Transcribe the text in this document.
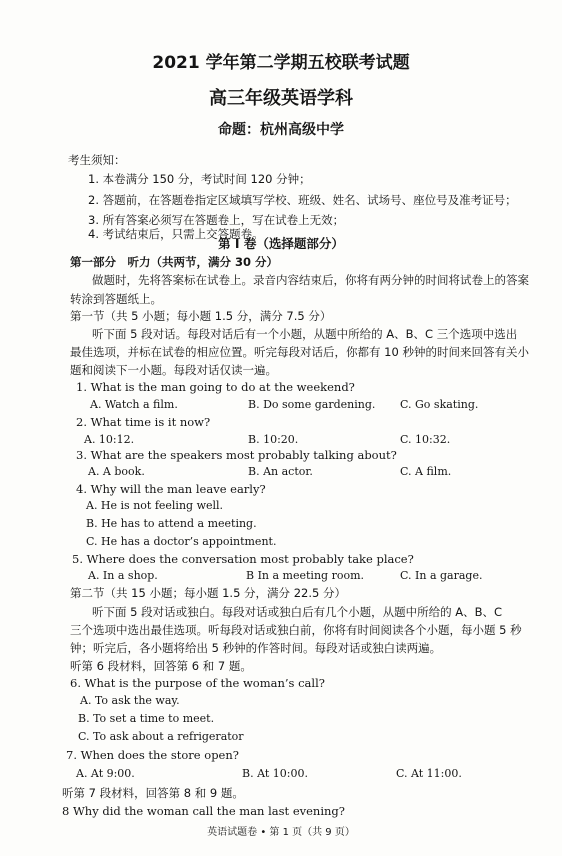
2021 学年第二学期五校联考试题
高三年级英语学科
命题：杭州高级中学
考生须知：
1. 本卷满分 150 分，考试时间 120 分钟；
2. 答题前，在答题卷指定区域填写学校、班级、姓名、试场号、座位号及准考证号；
3. 所有答案必须写在答题卷上，写在试卷上无效；
4. 考试结束后，只需上交答题卷。
第 I 卷（选择题部分）
第一部分　听力（共两节，满分 30 分）
做题时，先将答案标在试卷上。录音内容结束后，你将有两分钟的时间将试卷上的答案
转涂到答题纸上。
第一节（共 5 小题；每小题 1.5 分，满分 7.5 分）
听下面 5 段对话。每段对话后有一个小题，从题中所给的 A、B、C 三个选项中选出
最佳选项，并标在试卷的相应位置。听完每段对话后，你都有 10 秒钟的时间来回答有关小
题和阅读下一小题。每段对话仅读一遍。
1. What is the man going to do at the weekend?
A. Watch a film.	B. Do some gardening. C. Go skating.
2. What time is it now?
A. 10:12.	B. 10:20.	C. 10:32.
3. What are the speakers most probably talking about?
A. A book.	B. An actor.	C. A film.
4. Why will the man leave early?
A. He is not feeling well.
B. He has to attend a meeting.
C. He has a doctor’s appointment.
5. Where does the conversation most probably take place?
A. In a shop.	B In a meeting room.	C. In a garage.
第二节（共 15 小题；每小题 1.5 分，满分 22.5 分）
听下面 5 段对话或独白。每段对话或独白后有几个小题，从题中所给的 A、B、C
三个选项中选出最佳选项。听每段对话或独白前，你将有时间阅读各个小题，每小题 5 秒
钟；听完后，各小题将给出 5 秒钟的作答时间。每段对话或独白读两遍。
听第 6 段材料，回答第 6 和 7 题。
6. What is the purpose of the woman’s call?
A. To ask the way.
B. To set a time to meet.
C. To ask about a refrigerator
7. When does the store open?
A. At 9:00.	B. At 10:00.	C. At 11:00.
听第 7 段材料，回答第 8 和 9 题。
8 Why did the woman call the man last evening?
英语试题卷 • 第 1 页（共 9 页）
